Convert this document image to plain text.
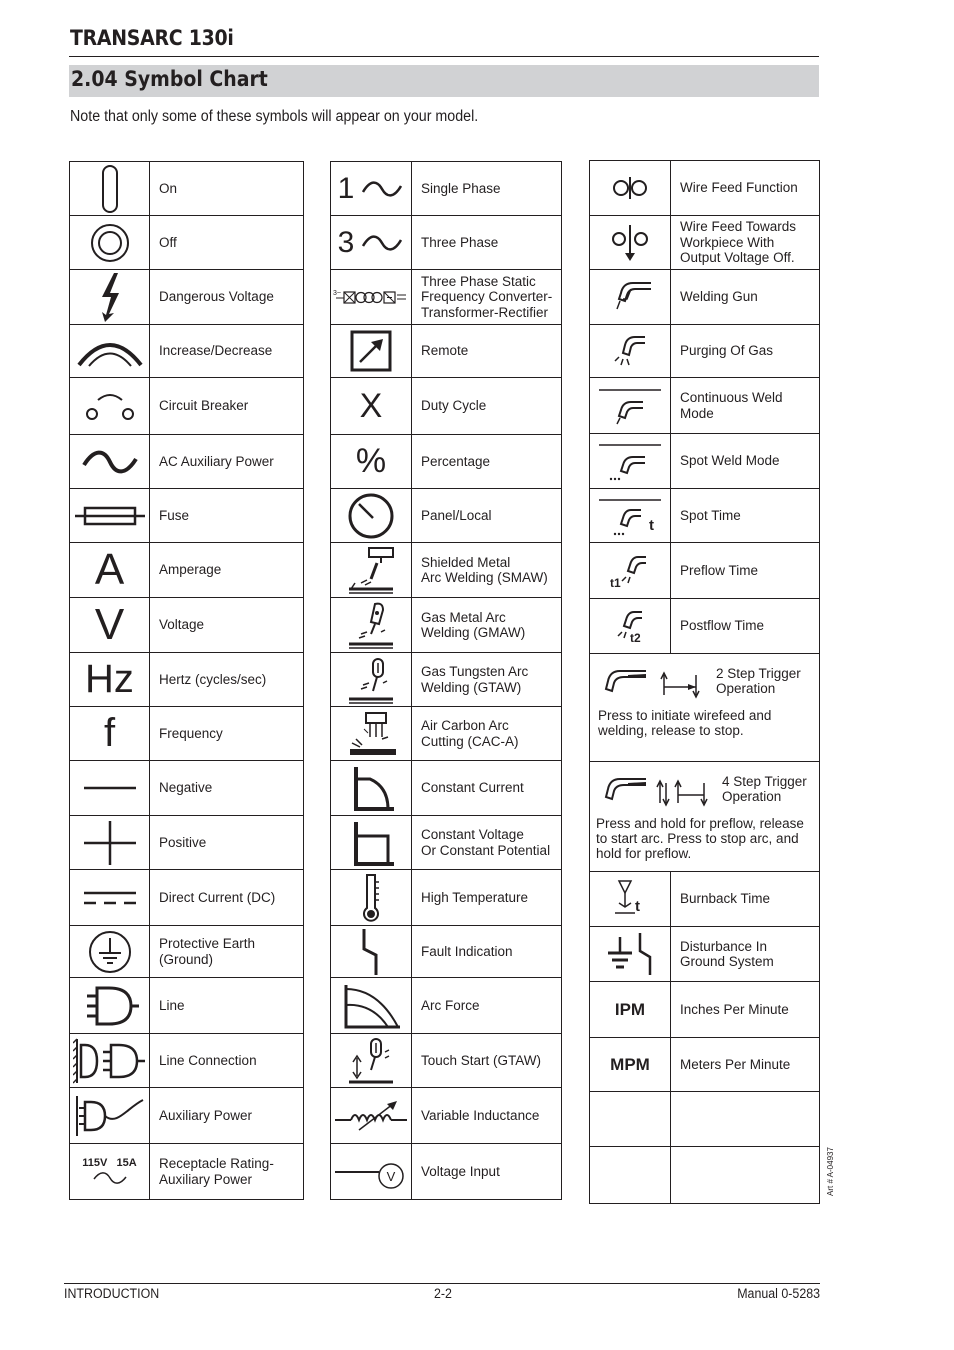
TRANSARC 130i
2.04 Symbol Chart
Note that only some of these symbols will appear on your model.
	On

	Off

	Dangerous Voltage

	Increase/Decrease

	Circuit Breaker

	AC Auxiliary Power

	Fuse
A	Amperage
V	Voltage
Hz	Hertz (cycles/sec)
f	Frequency

	Negative

	Positive

	Direct Current (DC)

	Protective Earth
(Ground)

	Line

	Line Connection

	Auxiliary Power

115V 15A	Receptacle Rating-
Auxiliary Power
1	Single Phase

3	Three Phase

3~	Three Phase Static
Frequency Converter-
Transformer-Rectifier

	Remote
X	Duty Cycle
%	Percentage

	Panel/Local

	Shielded Metal
Arc Welding (SMAW)

	Gas Metal Arc
Welding (GMAW)

	Gas Tungsten Arc
Welding (GTAW)

	Air Carbon Arc
Cutting (CAC-A)

	Constant Current

	Constant Voltage
Or Constant Potential

	High Temperature

	Fault Indication

	Arc Force

	Touch Start (GTAW)

	Variable Inductance

V	Voltage Input
	Wire Feed Function

	Wire Feed Towards
Workpiece With
Output Voltage Off.

	Welding Gun

	Purging Of Gas

	Continuous Weld
Mode

	Spot Weld Mode

t	Spot Time

t1	Preflow Time

t2	Postflow Time

2 Step Trigger
Operation
Press to initiate wirefeed and welding, release to stop.	

4 Step Trigger
Operation
Press and hold for preflow, release to start arc. Press to stop arc, and hold for preflow.	

t	Burnback Time

	Disturbance In
Ground System
IPM	Inches Per Minute
MPM	Meters Per Minute

Art # A-04937
INTRODUCTION	2-2	Manual 0-5283
